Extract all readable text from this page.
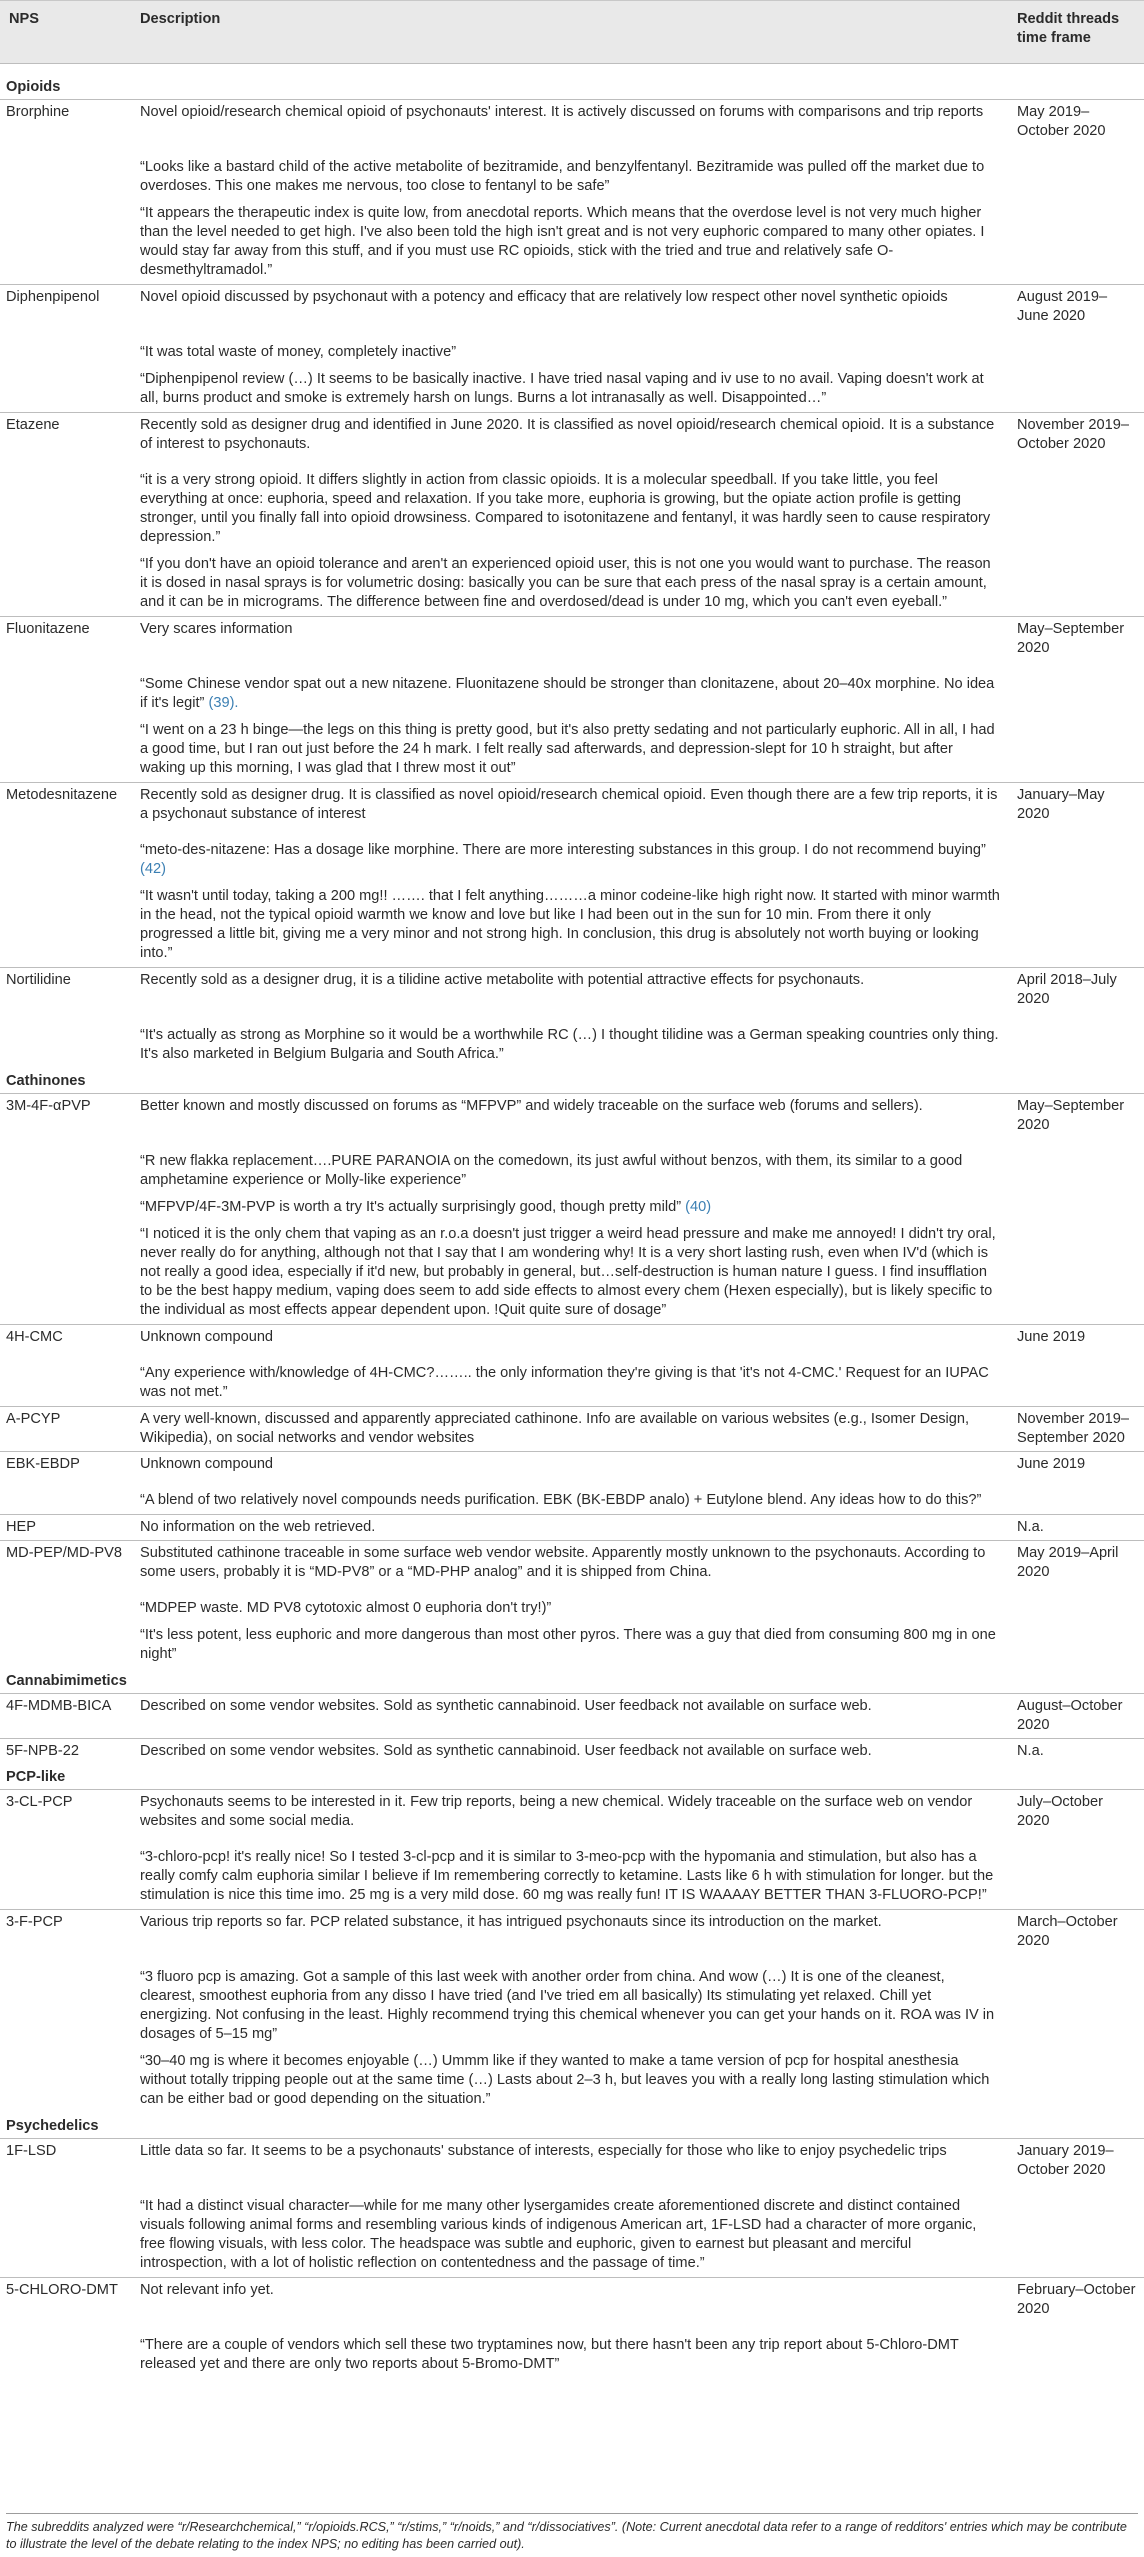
NPS	Description	Reddit threads time frame
Opioids		
Brorphine	Novel opioid/research chemical opioid of psychonauts' interest. It is actively discussed on forums with comparisons and trip reports	May 2019–October 2020
	“Looks like a bastard child of the active metabolite of bezitramide, and benzylfentanyl. Bezitramide was pulled off the market due to overdoses. This one makes me nervous, too close to fentanyl to be safe”	
	“It appears the therapeutic index is quite low, from anecdotal reports. Which means that the overdose level is not very much higher than the level needed to get high. I've also been told the high isn't great and is not very euphoric compared to many other opiates. I would stay far away from this stuff, and if you must use RC opioids, stick with the tried and true and relatively safe O-desmethyltramadol.”	
Diphenpipenol	Novel opioid discussed by psychonaut with a potency and efficacy that are relatively low respect other novel synthetic opioids	August 2019–June 2020
	“It was total waste of money, completely inactive”	
	“Diphenpipenol review (…) It seems to be basically inactive. I have tried nasal vaping and iv use to no avail. Vaping doesn't work at all, burns product and smoke is extremely harsh on lungs. Burns a lot intranasally as well. Disappointed…”	
Etazene	Recently sold as designer drug and identified in June 2020. It is classified as novel opioid/research chemical opioid. It is a substance of interest to psychonauts.	November 2019–October 2020
	“it is a very strong opioid. It differs slightly in action from classic opioids. It is a molecular speedball. If you take little, you feel everything at once: euphoria, speed and relaxation. If you take more, euphoria is growing, but the opiate action profile is getting stronger, until you finally fall into opioid drowsiness. Compared to isotonitazene and fentanyl, it was hardly seen to cause respiratory depression.”	
	“If you don't have an opioid tolerance and aren't an experienced opioid user, this is not one you would want to purchase. The reason it is dosed in nasal sprays is for volumetric dosing: basically you can be sure that each press of the nasal spray is a certain amount, and it can be in micrograms. The difference between fine and overdosed/dead is under 10 mg, which you can't even eyeball.”	
Fluonitazene	Very scares information	May–September 2020
	“Some Chinese vendor spat out a new nitazene. Fluonitazene should be stronger than clonitazene, about 20–40x morphine. No idea if it's legit” (39).	
	“I went on a 23 h binge—the legs on this thing is pretty good, but it's also pretty sedating and not particularly euphoric. All in all, I had a good time, but I ran out just before the 24 h mark. I felt really sad afterwards, and depression-slept for 10 h straight, but after waking up this morning, I was glad that I threw most it out”	
Metodesnitazene	Recently sold as designer drug. It is classified as novel opioid/research chemical opioid. Even though there are a few trip reports, it is a psychonaut substance of interest	January–May 2020
	“meto-des-nitazene: Has a dosage like morphine. There are more interesting substances in this group. I do not recommend buying” (42)	
	“It wasn't until today, taking a 200 mg!! ……. that I felt anything………a minor codeine-like high right now. It started with minor warmth in the head, not the typical opioid warmth we know and love but like I had been out in the sun for 10 min. From there it only progressed a little bit, giving me a very minor and not strong high. In conclusion, this drug is absolutely not worth buying or looking into.”	
Nortilidine	Recently sold as a designer drug, it is a tilidine active metabolite with potential attractive effects for psychonauts.	April 2018–July 2020
	“It's actually as strong as Morphine so it would be a worthwhile RC (…) I thought tilidine was a German speaking countries only thing. It's also marketed in Belgium Bulgaria and South Africa.”	
Cathinones		
3M-4F-αPVP	Better known and mostly discussed on forums as “MFPVP” and widely traceable on the surface web (forums and sellers).	May–September 2020
	“R new flakka replacement….PURE PARANOIA on the comedown, its just awful without benzos, with them, its similar to a good amphetamine experience or Molly-like experience”	
	“MFPVP/4F-3M-PVP is worth a try It's actually surprisingly good, though pretty mild” (40)	
	“I noticed it is the only chem that vaping as an r.o.a doesn't just trigger a weird head pressure and make me annoyed! I didn't try oral, never really do for anything, although not that I say that I am wondering why! It is a very short lasting rush, even when IV'd (which is not really a good idea, especially if it'd new, but probably in general, but…self-destruction is human nature I guess. I find insufflation to be the best happy medium, vaping does seem to add side effects to almost every chem (Hexen especially), but is likely specific to the individual as most effects appear dependent upon. !Quit quite sure of dosage”	
4H-CMC	Unknown compound	June 2019
	“Any experience with/knowledge of 4H-CMC?…….. the only information they're giving is that 'it's not 4-CMC.' Request for an IUPAC was not met.”	
A-PCYP	A very well-known, discussed and apparently appreciated cathinone. Info are available on various websites (e.g., Isomer Design, Wikipedia), on social networks and vendor websites	November 2019–September 2020
EBK-EBDP	Unknown compound	June 2019
	“A blend of two relatively novel compounds needs purification. EBK (BK-EBDP analo) + Eutylone blend. Any ideas how to do this?”	
HEP	No information on the web retrieved.	N.a.
MD-PEP/MD-PV8	Substituted cathinone traceable in some surface web vendor website. Apparently mostly unknown to the psychonauts. According to some users, probably it is “MD-PV8” or a “MD-PHP analog” and it is shipped from China.	May 2019–April 2020
	“MDPEP waste. MD PV8 cytotoxic almost 0 euphoria don't try!)”	
	“It's less potent, less euphoric and more dangerous than most other pyros. There was a guy that died from consuming 800 mg in one night”	
Cannabimimetics		
4F-MDMB-BICA	Described on some vendor websites. Sold as synthetic cannabinoid. User feedback not available on surface web.	August–October 2020
5F-NPB-22	Described on some vendor websites. Sold as synthetic cannabinoid. User feedback not available on surface web.	N.a.
PCP-like		
3-CL-PCP	Psychonauts seems to be interested in it. Few trip reports, being a new chemical. Widely traceable on the surface web on vendor websites and some social media.	July–October 2020
	“3-chloro-pcp! it's really nice! So I tested 3-cl-pcp and it is similar to 3-meo-pcp with the hypomania and stimulation, but also has a really comfy calm euphoria similar I believe if Im remembering correctly to ketamine. Lasts like 6 h with stimulation for longer. but the stimulation is nice this time imo. 25 mg is a very mild dose. 60 mg was really fun! IT IS WAAAAY BETTER THAN 3-FLUORO-PCP!”	
3-F-PCP	Various trip reports so far. PCP related substance, it has intrigued psychonauts since its introduction on the market.	March–October 2020
	“3 fluoro pcp is amazing. Got a sample of this last week with another order from china. And wow (…) It is one of the cleanest, clearest, smoothest euphoria from any disso I have tried (and I've tried em all basically) Its stimulating yet relaxed. Chill yet energizing. Not confusing in the least. Highly recommend trying this chemical whenever you can get your hands on it. ROA was IV in dosages of 5–15 mg”	
	“30–40 mg is where it becomes enjoyable (…) Ummm like if they wanted to make a tame version of pcp for hospital anesthesia without totally tripping people out at the same time (…) Lasts about 2–3 h, but leaves you with a really long lasting stimulation which can be either bad or good depending on the situation.”	
Psychedelics		
1F-LSD	Little data so far. It seems to be a psychonauts' substance of interests, especially for those who like to enjoy psychedelic trips	January 2019–October 2020
	“It had a distinct visual character—while for me many other lysergamides create aforementioned discrete and distinct contained visuals following animal forms and resembling various kinds of indigenous American art, 1F-LSD had a character of more organic, free flowing visuals, with less color. The headspace was subtle and euphoric, given to earnest but pleasant and merciful introspection, with a lot of holistic reflection on contentedness and the passage of time.”	
5-CHLORO-DMT	Not relevant info yet.	February–October 2020
	“There are a couple of vendors which sell these two tryptamines now, but there hasn't been any trip report about 5-Chloro-DMT released yet and there are only two reports about 5-Bromo-DMT”	
The subreddits analyzed were “r/Researchchemical,” “r/opioids.RCS,” “r/stims,” “r/noids,” and “r/dissociatives”. (Note: Current anecdotal data refer to a range of redditors' entries which may be contribute to illustrate the level of the debate relating to the index NPS; no editing has been carried out).
